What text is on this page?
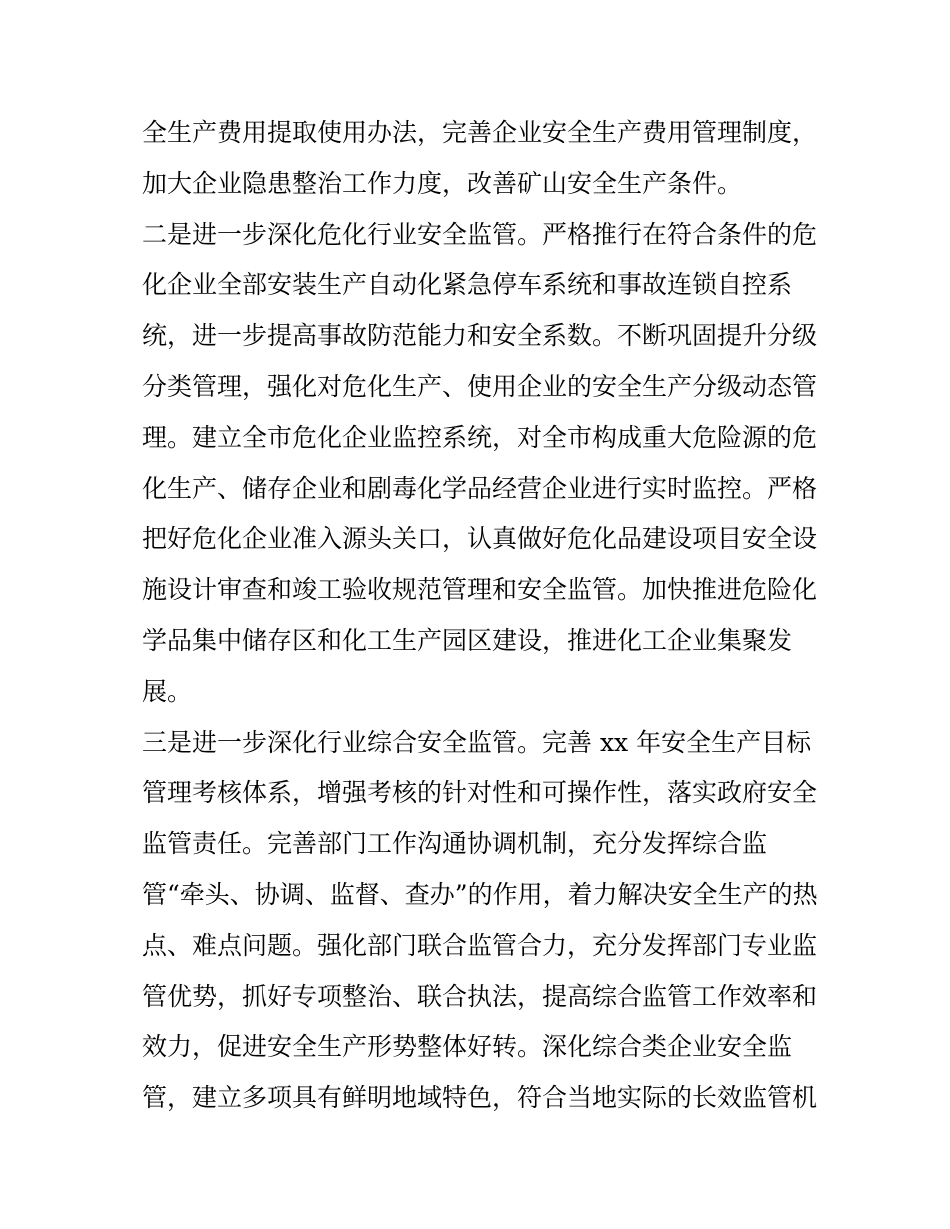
全生产费用提取使用办法，完善企业安全生产费用管理制度，
加大企业隐患整治工作力度，改善矿山安全生产条件。
二是进一步深化危化行业安全监管。严格推行在符合条件的危
化企业全部安装生产自动化紧急停车系统和事故连锁自控系
统，进一步提高事故防范能力和安全系数。不断巩固提升分级
分类管理，强化对危化生产、使用企业的安全生产分级动态管
理。建立全市危化企业监控系统，对全市构成重大危险源的危
化生产、储存企业和剧毒化学品经营企业进行实时监控。严格
把好危化企业准入源头关口，认真做好危化品建设项目安全设
施设计审查和竣工验收规范管理和安全监管。加快推进危险化
学品集中储存区和化工生产园区建设，推进化工企业集聚发
展。
三是进一步深化行业综合安全监管。完善 xx 年安全生产目标
管理考核体系，增强考核的针对性和可操作性，落实政府安全
监管责任。完善部门工作沟通协调机制，充分发挥综合监
管“牵头、协调、监督、查办”的作用，着力解决安全生产的热
点、难点问题。强化部门联合监管合力，充分发挥部门专业监
管优势，抓好专项整治、联合执法，提高综合监管工作效率和
效力，促进安全生产形势整体好转。深化综合类企业安全监
管，建立多项具有鲜明地域特色，符合当地实际的长效监管机
